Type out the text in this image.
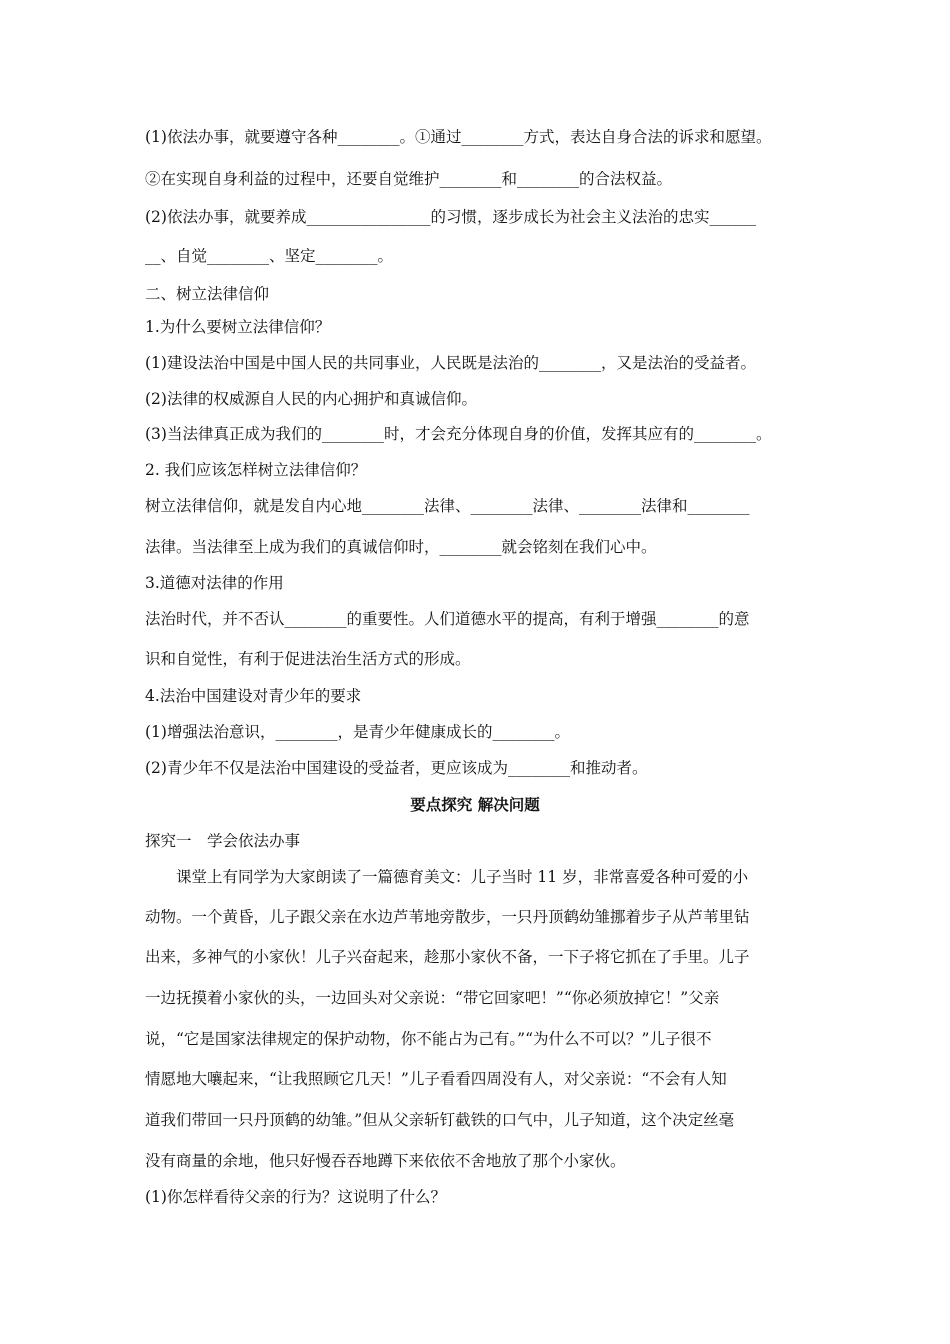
(1)依法办事，就要遵守各种________。①通过________方式，表达自身合法的诉求和愿望。
②在实现自身利益的过程中，还要自觉维护________和________的合法权益。
(2)依法办事，就要养成________________的习惯，逐步成长为社会主义法治的忠实______
__、自觉________、坚定________。
二、树立法律信仰
1.为什么要树立法律信仰？
(1)建设法治中国是中国人民的共同事业，人民既是法治的________，又是法治的受益者。
(2)法律的权威源自人民的内心拥护和真诚信仰。
(3)当法律真正成为我们的________时，才会充分体现自身的价值，发挥其应有的________。
2. 我们应该怎样树立法律信仰？
树立法律信仰，就是发自内心地________法律、________法律、________法律和________
法律。当法律至上成为我们的真诚信仰时，________就会铭刻在我们心中。
3.道德对法律的作用
法治时代，并不否认________的重要性。人们道德水平的提高，有利于增强________的意
识和自觉性，有利于促进法治生活方式的形成。
4.法治中国建设对青少年的要求
(1)增强法治意识，________，是青少年健康成长的________。
(2)青少年不仅是法治中国建设的受益者，更应该成为________和推动者。
要点探究 解决问题
探究一　学会依法办事
　　课堂上有同学为大家朗读了一篇德育美文：儿子当时 11 岁，非常喜爱各种可爱的小
动物。一个黄昏，儿子跟父亲在水边芦苇地旁散步，一只丹顶鹤幼雏挪着步子从芦苇里钻
出来，多神气的小家伙！儿子兴奋起来，趁那小家伙不备，一下子将它抓在了手里。儿子
一边抚摸着小家伙的头，一边回头对父亲说：“带它回家吧！”“你必须放掉它！”父亲
说，“它是国家法律规定的保护动物，你不能占为己有。”“为什么不可以？”儿子很不
情愿地大嚷起来，“让我照顾它几天！”儿子看看四周没有人，对父亲说：“不会有人知
道我们带回一只丹顶鹤的幼雏。”但从父亲斩钉截铁的口气中，儿子知道，这个决定丝毫
没有商量的余地，他只好慢吞吞地蹲下来依依不舍地放了那个小家伙。
(1)你怎样看待父亲的行为？这说明了什么？
